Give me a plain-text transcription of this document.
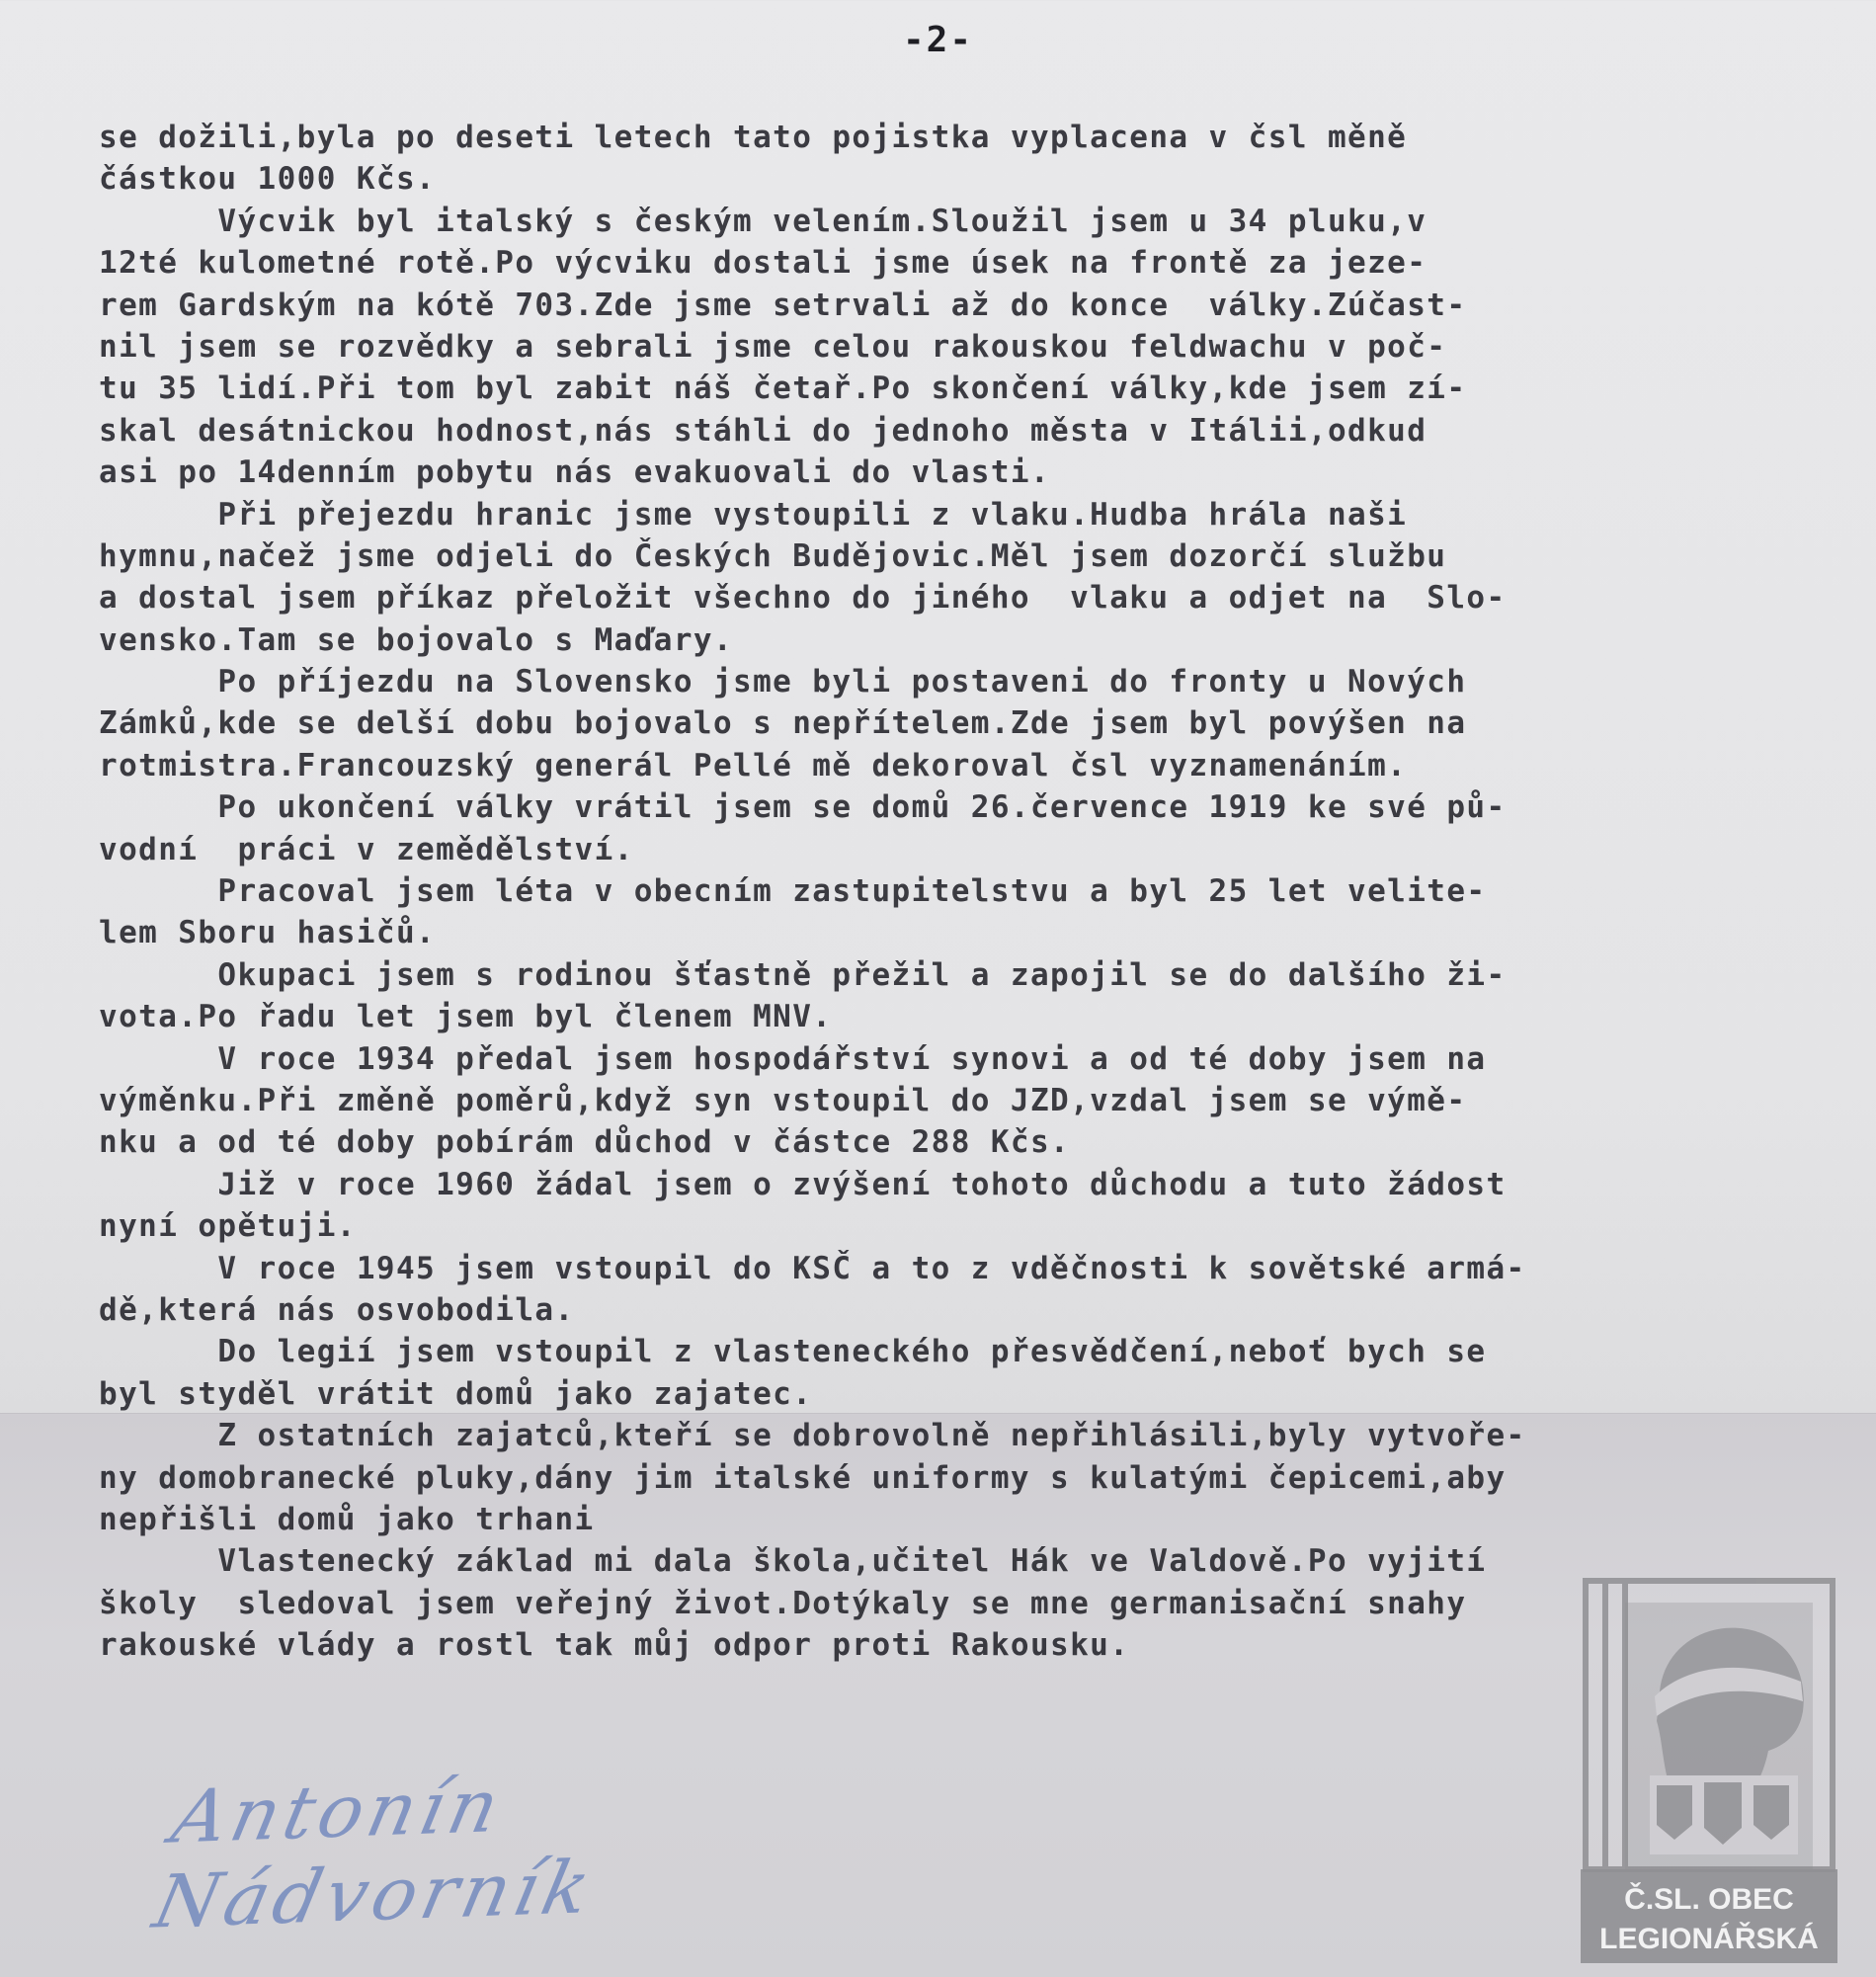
-2-
se dožili,byla po deseti letech tato pojistka vyplacena v čsl měně
částkou 1000 Kčs.
Výcvik byl italský s českým velením.Sloužil jsem u 34 pluku,v
12té kulometné rotě.Po výcviku dostali jsme úsek na frontě za jeze-
rem Gardským na kótě 703.Zde jsme setrvali až do konce  války.Zúčast-
nil jsem se rozvědky a sebrali jsme celou rakouskou feldwachu v poč-
tu 35 lidí.Při tom byl zabit náš četař.Po skončení války,kde jsem zí-
skal desátnickou hodnost,nás stáhli do jednoho města v Itálii,odkud
asi po 14denním pobytu nás evakuovali do vlasti.
Při přejezdu hranic jsme vystoupili z vlaku.Hudba hrála naši
hymnu,načež jsme odjeli do Českých Budějovic.Měl jsem dozorčí službu
a dostal jsem příkaz přeložit všechno do jiného  vlaku a odjet na  Slo-
vensko.Tam se bojovalo s Maďary.
Po příjezdu na Slovensko jsme byli postaveni do fronty u Nových
Zámků,kde se delší dobu bojovalo s nepřítelem.Zde jsem byl povýšen na
rotmistra.Francouzský generál Pellé mě dekoroval čsl vyznamenáním.
Po ukončení války vrátil jsem se domů 26.července 1919 ke své pů-
vodní  práci v zemědělství.
Pracoval jsem léta v obecním zastupitelstvu a byl 25 let velite-
lem Sboru hasičů.
Okupaci jsem s rodinou šťastně přežil a zapojil se do dalšího ži-
vota.Po řadu let jsem byl členem MNV.
V roce 1934 předal jsem hospodářství synovi a od té doby jsem na
výměnku.Při změně poměrů,když syn vstoupil do JZD,vzdal jsem se výmě-
nku a od té doby pobírám důchod v částce 288 Kčs.
Již v roce 1960 žádal jsem o zvýšení tohoto důchodu a tuto žádost
nyní opětuji.
V roce 1945 jsem vstoupil do KSČ a to z vděčnosti k sovětské armá-
dě,která nás osvobodila.
Do legií jsem vstoupil z vlasteneckého přesvědčení,neboť bych se
byl styděl vrátit domů jako zajatec.
Z ostatních zajatců,kteří se dobrovolně nepřihlásili,byly vytvoře-
ny domobranecké pluky,dány jim italské uniformy s kulatými čepicemi,aby
nepřišli domů jako trhani
Vlastenecký základ mi dala škola,učitel Hák ve Valdově.Po vyjití
školy  sledoval jsem veřejný život.Dotýkaly se mne germanisační snahy
rakouské vlády a rostl tak můj odpor proti Rakousku.
Antonín Nádvorník	Č.SL. OBEC
LEGIONÁŘSKÁ
